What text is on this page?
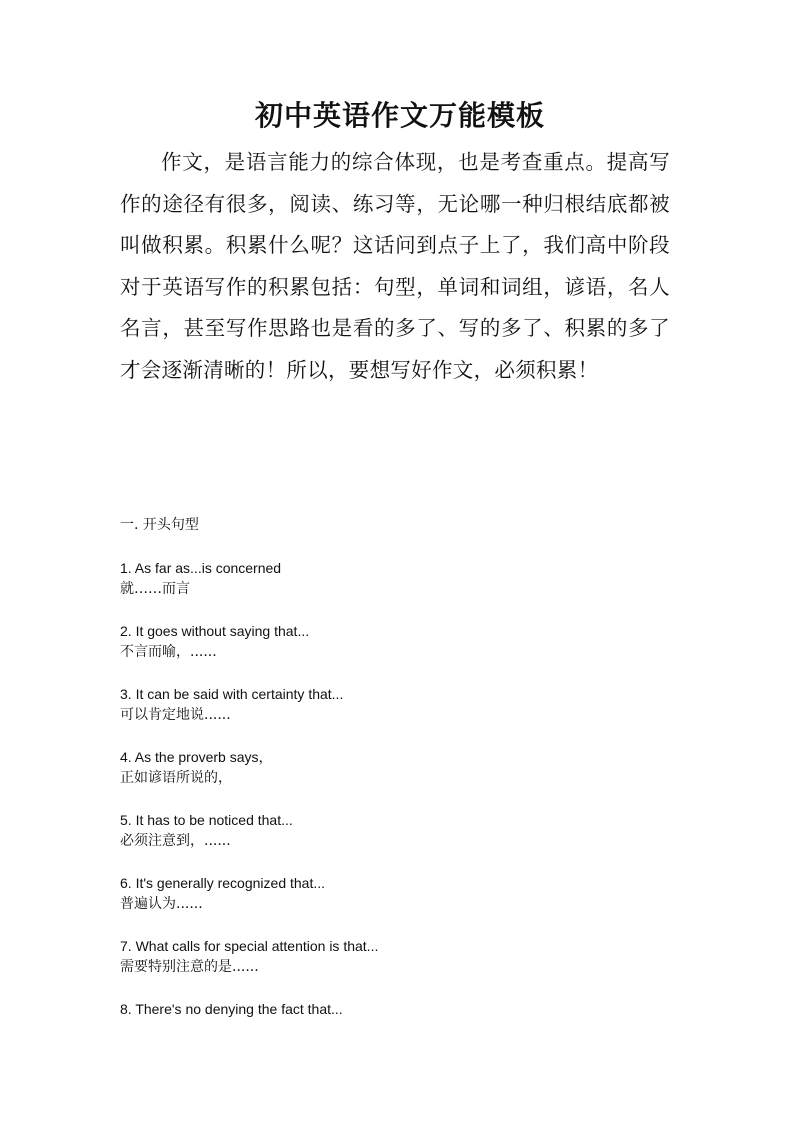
初中英语作文万能模板

作文，是语言能力的综合体现，也是考查重点。提高写作的途径有很多，阅读、练习等，无论哪一种归根结底都被叫做积累。积累什么呢？这话问到点子上了，我们高中阶段对于英语写作的积累包括：句型，单词和词组，谚语，名人名言，甚至写作思路也是看的多了、写的多了、积累的多了才会逐渐清晰的！所以，要想写好作文，必须积累！

一. 开头句型
1. As far as...is concerned
就……而言
2. It goes without saying that...
不言而喻，......
3. It can be said with certainty that...
可以肯定地说......
4. As the proverb says，
正如谚语所说的，
5. It has to be noticed that...
必须注意到，......
6. It's generally recognized that...
普遍认为......
7. What calls for special attention is that...
需要特别注意的是......
8. There's no denying the fact that...
